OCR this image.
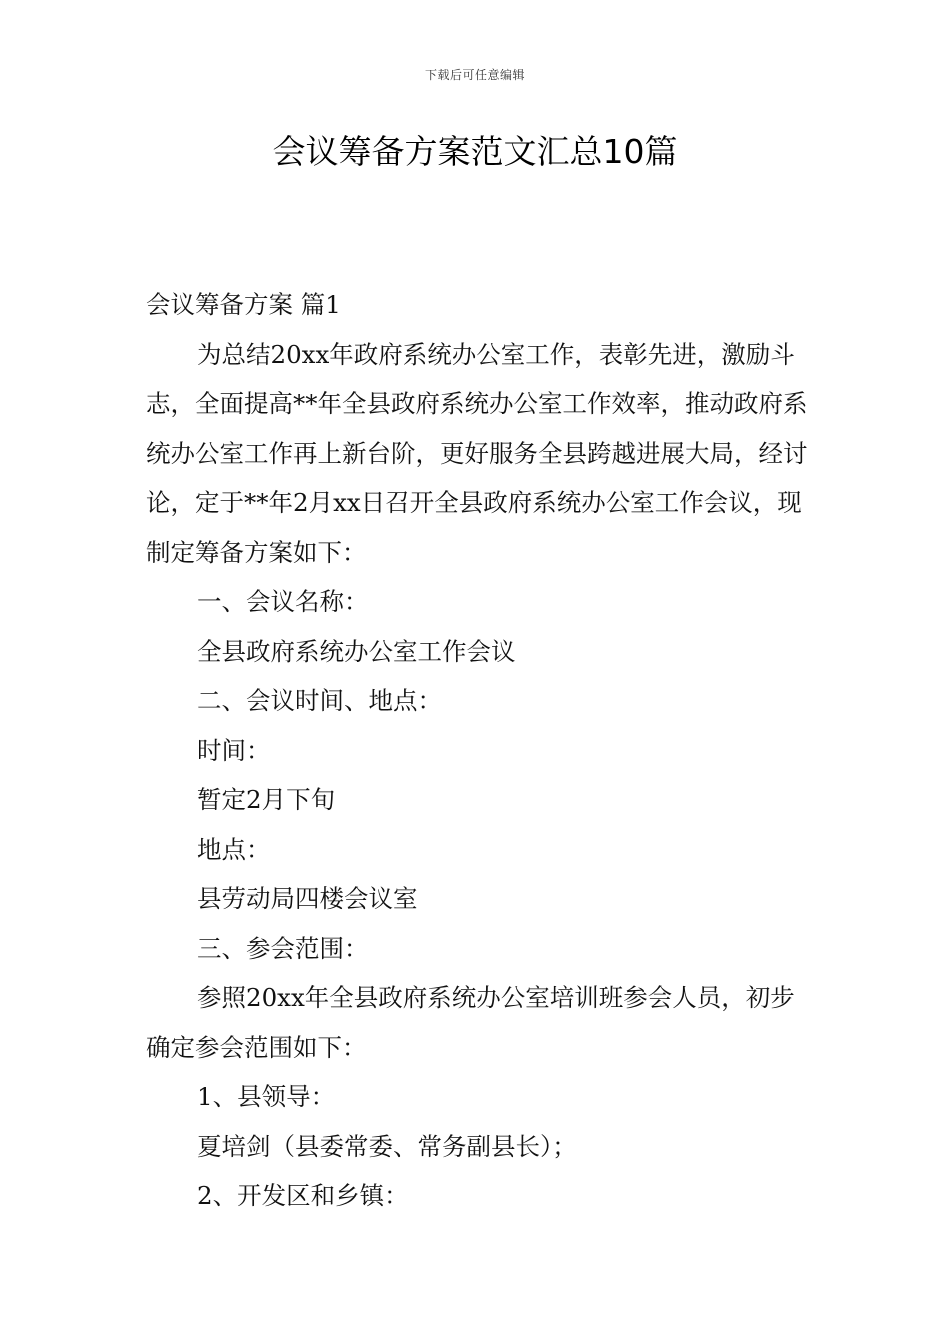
下载后可任意编辑
会议筹备方案范文汇总10篇

会议筹备方案 篇1

为总结20xx年政府系统办公室工作，表彰先进，激励斗志，全面提高**年全县政府系统办公室工作效率，推动政府系统办公室工作再上新台阶，更好服务全县跨越进展大局，经讨论，定于**年2月xx日召开全县政府系统办公室工作会议，现制定筹备方案如下：

一、会议名称：

全县政府系统办公室工作会议

二、会议时间、地点：

时间：

暂定2月下旬

地点：

县劳动局四楼会议室

三、参会范围：

参照20xx年全县政府系统办公室培训班参会人员，初步确定参会范围如下：

1、县领导：

夏培剑（县委常委、常务副县长）；

2、开发区和乡镇：
